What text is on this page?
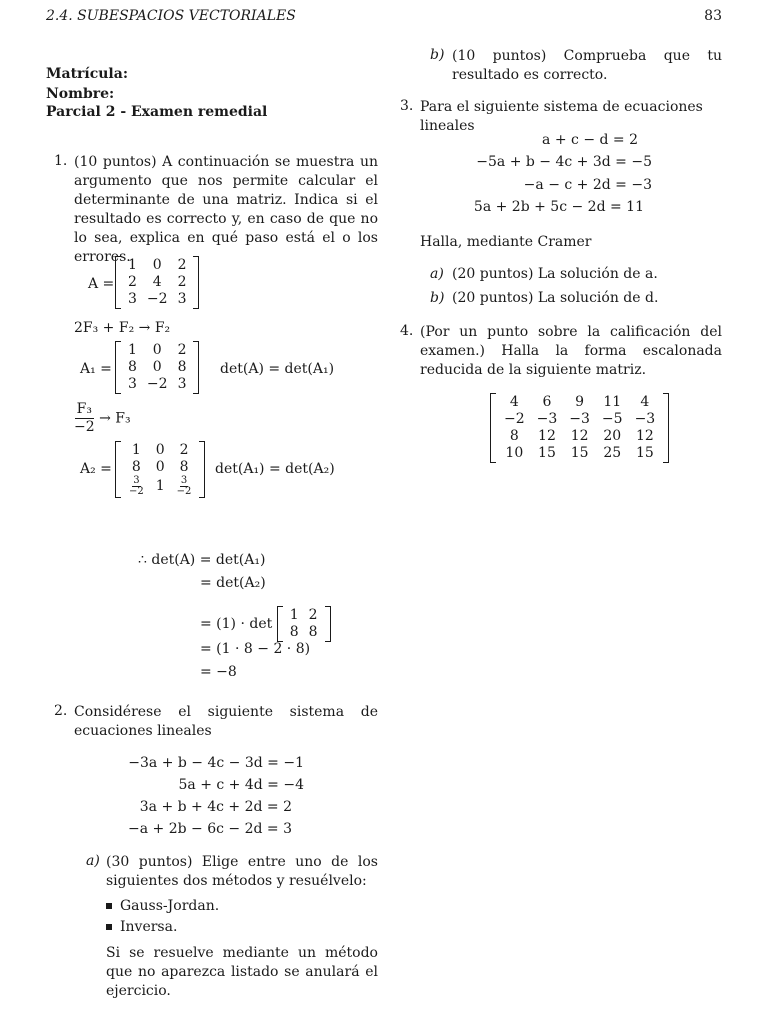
2.4. SUBESPACIOS VECTORIALES	83
Matrícula:
Nombre:
Parcial 2 - Examen remedial
1. (10 puntos) A continuación se muestra un argumento que nos permite calcular el determinante de una matriz. Indica si el resultado es correcto y, en caso de que no lo sea, explica en qué paso está el o los errores.
A =
1	0	2
2	4	2
3	−2	3
2F₃ + F₂ → F₂
A₁ =
1	0	2
8	0	8
3	−2	3
det(A) = det(A₁)
$\frac{\text{F₃}}{-2} \to F_3$
A₂ =
1	0	2
8	0	8

$\frac{3}{-2}$	1	$\frac{3}{-2}$
det(A₁) = det(A₂)
∴ det(A) = det(A₁)
= det(A₂)
= (1) · det
1	2
8	8
= (1 · 8 − 2 · 8)
= −8
2. Considérese el siguiente sistema de ecuaciones lineales
−3a + b − 4c − 3d = −1
5a + c + 4d = −4
3a + b + 4c + 2d = 2
−a + 2b − 6c − 2d = 3
a) (30 puntos) Elige entre uno de los siguientes dos métodos y resuélvelo:
Gauss-Jordan.
Inversa.
Si se resuelve mediante un método que no aparezca listado se anulará el ejercicio.
b) (10 puntos) Comprueba que tu resultado es correcto.
3. Para el siguiente sistema de ecuaciones lineales
a + c − d = 2
−5a + b − 4c + 3d = −5
−a − c + 2d = −3
5a + 2b + 5c − 2d = 11
Halla, mediante Cramer
a) (20 puntos) La solución de a.
b) (20 puntos) La solución de d.
4. (Por un punto sobre la calificación del examen.) Halla la forma escalonada reducida de la siguiente matriz.
4	6	9	11	4
−2	−3	−3	−5	−3
8	12	12	20	12
10	15	15	25	15
